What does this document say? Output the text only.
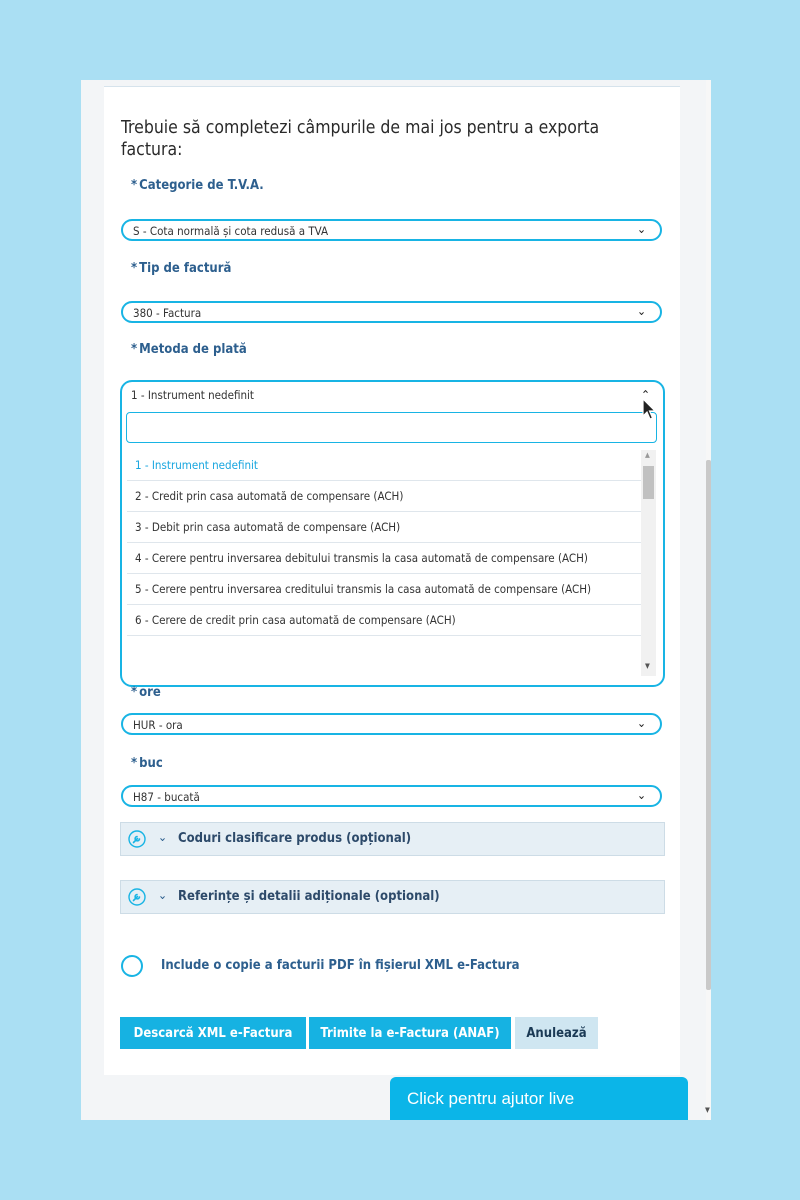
▼
Trebuie să completezi câmpurile de mai jos pentru a exporta factura:
* Categorie de T.V.A.
S - Cota normală și cota redusă a TVA	⌄
* Tip de factură
380 - Factura	⌄
* Metoda de plată
1 - Instrument nedefinit	⌃
1 - Instrument nedefinit
2 - Credit prin casa automată de compensare (ACH)
3 - Debit prin casa automată de compensare (ACH)
4 - Cerere pentru inversarea debitului transmis la casa automată de compensare (ACH)
5 - Cerere pentru inversarea creditului transmis la casa automată de compensare (ACH)
6 - Cerere de credit prin casa automată de compensare (ACH)
▲
▼
* ore
HUR - ora	⌄
* buc
H87 - bucată	⌄
⌄ Coduri clasificare produs (opțional)
⌄ Referințe și detalii adiționale (optional)
Include o copie a facturii PDF în fișierul XML e-Factura
Descarcă XML e-Factura	Trimite la e-Factura (ANAF)	Anulează
Click pentru ajutor live
